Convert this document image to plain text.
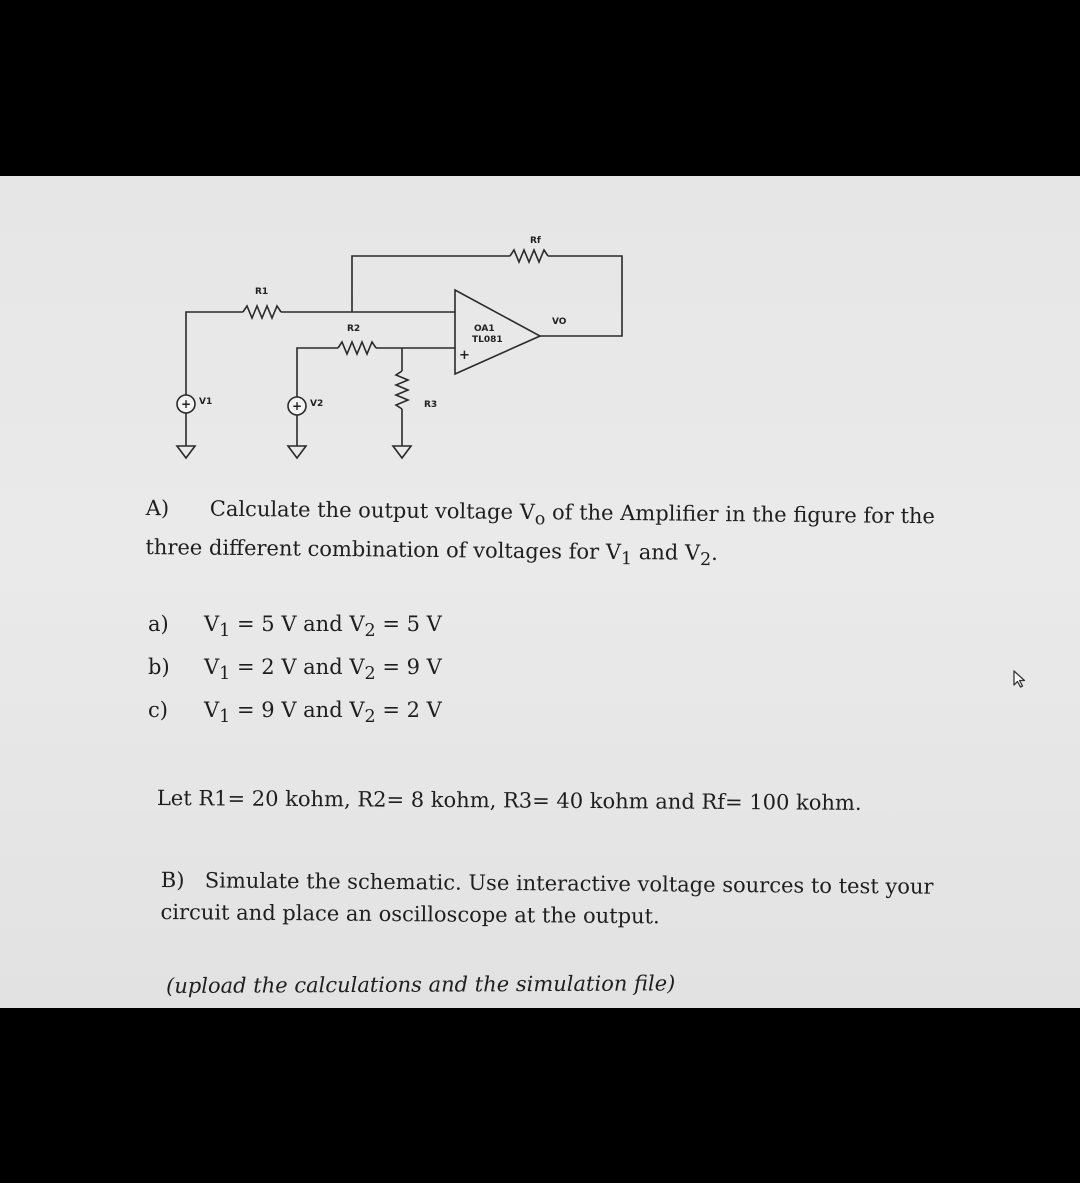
+	+
+
R1
R2
R3
Rf
V1	V2
VO
OA1
TL081
A) Calculate the output voltage $V_o$ of the Amplifier in the figure for the three different combination of voltages for $V_1$ and $V_2$.
a) $V_1 = 5$ V and $V_2 = 5$ V
b) $V_1 = 2$ V and $V_2 = 9$ V
c) $V_1 = 9$ V and $V_2 = 2$ V
Let R1= 20 kohm, R2= 8 kohm, R3= 40 kohm and Rf= 100 kohm.
B) Simulate the schematic. Use interactive voltage sources to test your circuit and place an oscilloscope at the output.
(upload the calculations and the simulation file)
